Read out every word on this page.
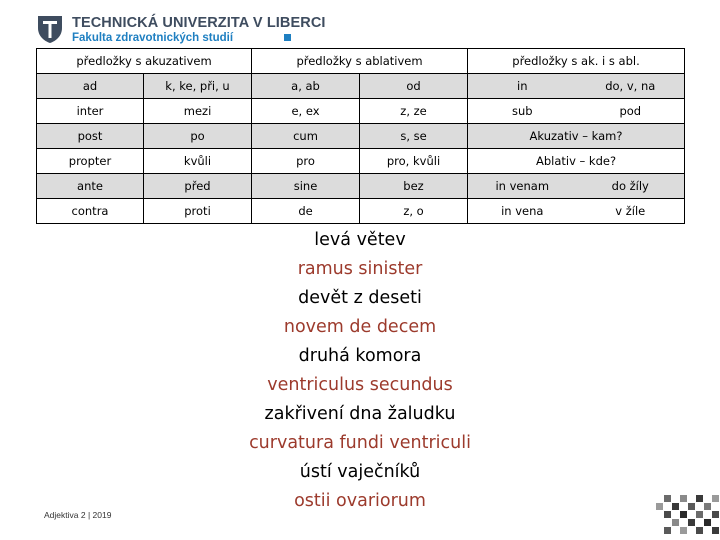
TECHNICKÁ UNIVERZITA V LIBERCI
Fakulta zdravotnických studií
předložky s akuzativem		předložky s ablativem		předložky s ak. i s abl.	
ad	k, ke, při, u	a, ab	od	in	do, v, na
inter	mezi	e, ex	z, ze	sub	pod
post	po	cum	s, se	Akuzativ – kam?	
propter	kvůli	pro	pro, kvůli	Ablativ – kde?	
ante	před	sine	bez	in venam	do žíly
contra	proti	de	z, o	in vena	v žíle
levá větev
ramus sinister
devět z deseti
novem de decem
druhá komora
ventriculus secundus
zakřivení dna žaludku
curvatura fundi ventriculi
ústí vaječníků
ostii ovariorum
Adjektiva 2 | 2019
